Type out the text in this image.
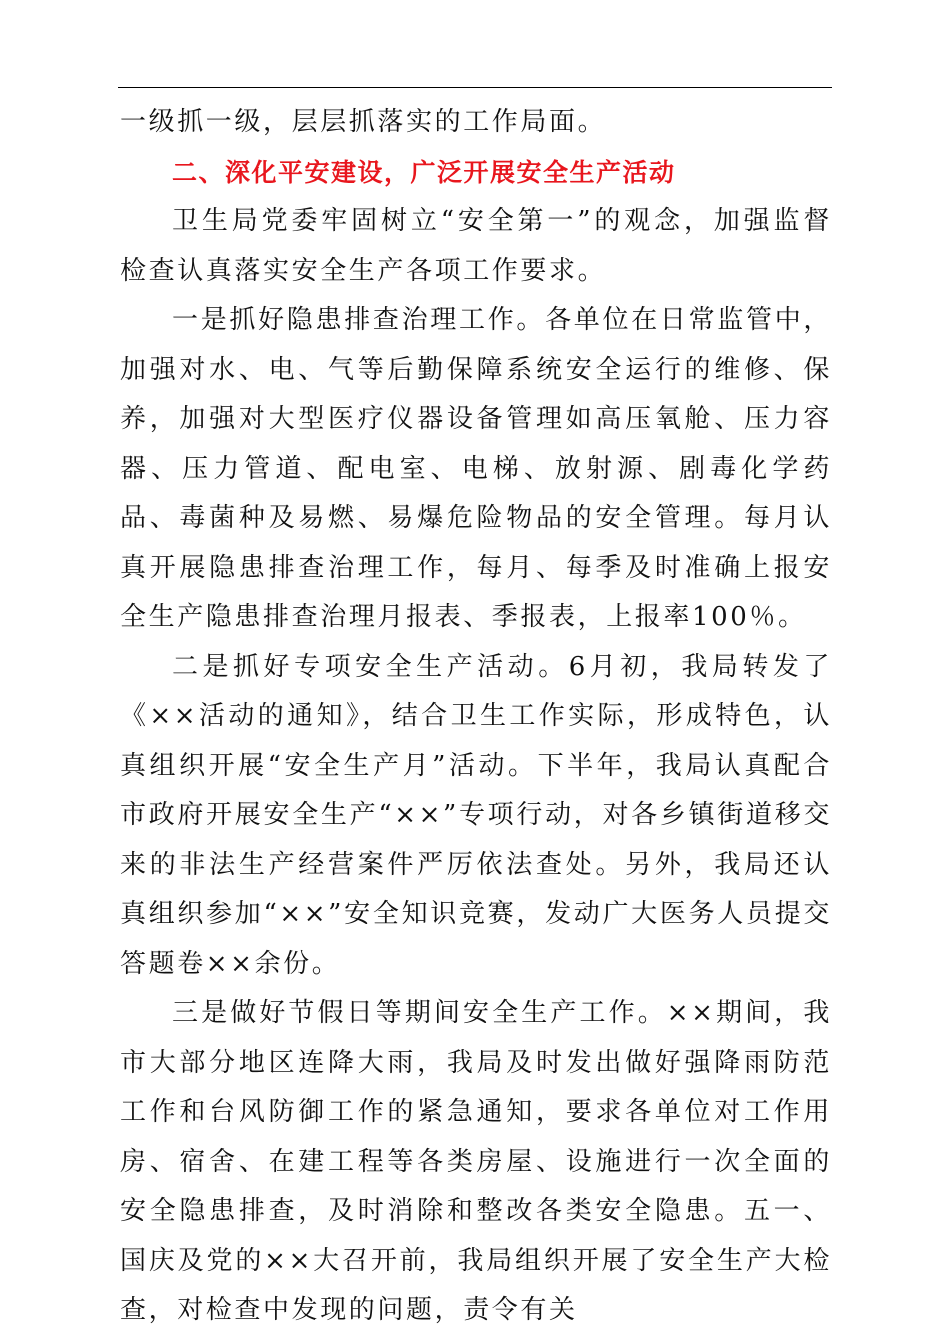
一级抓一级，层层抓落实的工作局面。

二、深化平安建设，广泛开展安全生产活动

卫生局党委牢固树立“安全第一”的观念，加强监督检查认真落实安全生产各项工作要求。

一是抓好隐患排查治理工作。各单位在日常监管中，加强对水、电、气等后勤保障系统安全运行的维修、保养，加强对大型医疗仪器设备管理如高压氧舱、压力容器、压力管道、配电室、电梯、放射源、剧毒化学药品、毒菌种及易燃、易爆危险物品的安全管理。每月认真开展隐患排查治理工作，每月、每季及时准确上报安全生产隐患排查治理月报表、季报表，上报率100％。

二是抓好专项安全生产活动。6月初，我局转发了《××活动的通知》，结合卫生工作实际，形成特色，认真组织开展“安全生产月”活动。下半年，我局认真配合市政府开展安全生产“××”专项行动，对各乡镇街道移交来的非法生产经营案件严厉依法查处。另外，我局还认真组织参加“××”安全知识竞赛，发动广大医务人员提交答题卷××余份。

三是做好节假日等期间安全生产工作。××期间，我市大部分地区连降大雨，我局及时发出做好强降雨防范工作和台风防御工作的紧急通知，要求各单位对工作用房、宿舍、在建工程等各类房屋、设施进行一次全面的安全隐患排查，及时消除和整改各类安全隐患。五一、国庆及党的××大召开前，我局组织开展了安全生产大检查，对检查中发现的问题，责令有关
